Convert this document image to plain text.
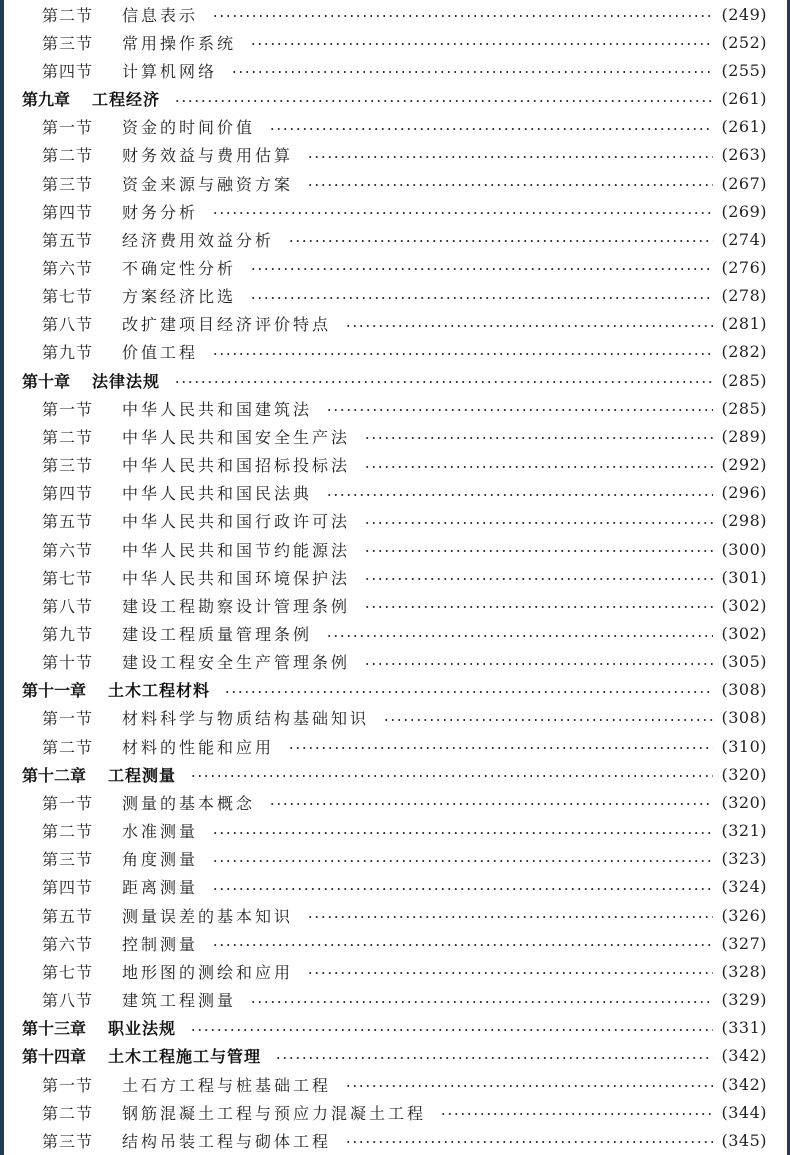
第二节	信息表示	(249)
第三节	常用操作系统	(252)
第四节	计算机网络	(255)
第九章 工程经济	(261)
第一节	资金的时间价值	(261)
第二节	财务效益与费用估算	(263)
第三节	资金来源与融资方案	(267)
第四节	财务分析	(269)
第五节	经济费用效益分析	(274)
第六节	不确定性分析	(276)
第七节	方案经济比选	(278)
第八节	改扩建项目经济评价特点	(281)
第九节	价值工程	(282)
第十章 法律法规	(285)
第一节	中华人民共和国建筑法	(285)
第二节	中华人民共和国安全生产法	(289)
第三节	中华人民共和国招标投标法	(292)
第四节	中华人民共和国民法典	(296)
第五节	中华人民共和国行政许可法	(298)
第六节	中华人民共和国节约能源法	(300)
第七节	中华人民共和国环境保护法	(301)
第八节	建设工程勘察设计管理条例	(302)
第九节	建设工程质量管理条例	(302)
第十节	建设工程安全生产管理条例	(305)
第十一章 土木工程材料	(308)
第一节	材料科学与物质结构基础知识	(308)
第二节	材料的性能和应用	(310)
第十二章 工程测量	(320)
第一节	测量的基本概念	(320)
第二节	水准测量	(321)
第三节	角度测量	(323)
第四节	距离测量	(324)
第五节	测量误差的基本知识	(326)
第六节	控制测量	(327)
第七节	地形图的测绘和应用	(328)
第八节	建筑工程测量	(329)
第十三章 职业法规	(331)
第十四章 土木工程施工与管理	(342)
第一节	土石方工程与桩基础工程	(342)
第二节	钢筋混凝土工程与预应力混凝土工程	(344)
第三节	结构吊装工程与砌体工程	(345)
